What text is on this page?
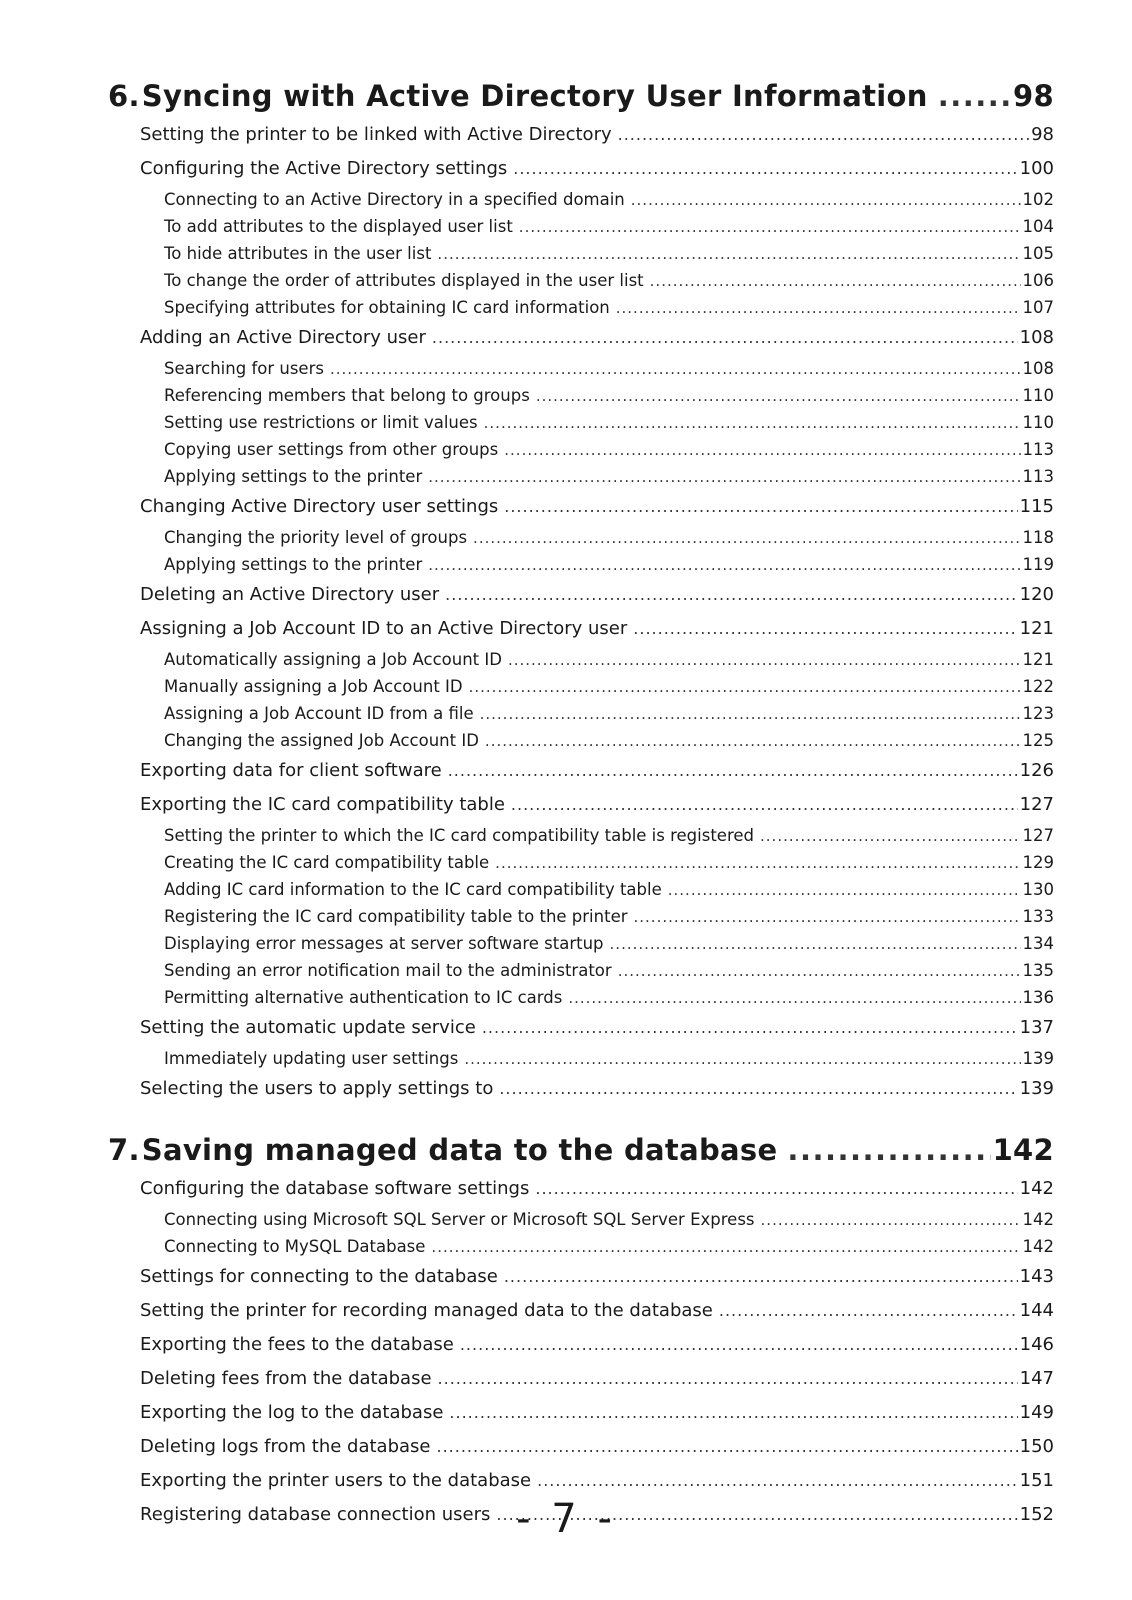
6. Syncing with Active Directory User Information .....	98
Setting the printer to be linked with Active Directory .....	98
Configuring the Active Directory settings .....	100
Connecting to an Active Directory in a specified domain .....	102
To add attributes to the displayed user list .....	104
To hide attributes in the user list .....	105
To change the order of attributes displayed in the user list .....	106
Specifying attributes for obtaining IC card information .....	107
Adding an Active Directory user .....	108
Searching for users .....	108
Referencing members that belong to groups .....	110
Setting use restrictions or limit values .....	110
Copying user settings from other groups .....	113
Applying settings to the printer .....	113
Changing Active Directory user settings .....	115
Changing the priority level of groups .....	118
Applying settings to the printer .....	119
Deleting an Active Directory user .....	120
Assigning a Job Account ID to an Active Directory user .....	121
Automatically assigning a Job Account ID .....	121
Manually assigning a Job Account ID .....	122
Assigning a Job Account ID from a file .....	123
Changing the assigned Job Account ID .....	125
Exporting data for client software .....	126
Exporting the IC card compatibility table .....	127
Setting the printer to which the IC card compatibility table is registered .....	127
Creating the IC card compatibility table .....	129
Adding IC card information to the IC card compatibility table .....	130
Registering the IC card compatibility table to the printer .....	133
Displaying error messages at server software startup .....	134
Sending an error notification mail to the administrator .....	135
Permitting alternative authentication to IC cards .....	136
Setting the automatic update service .....	137
Immediately updating user settings .....	139
Selecting the users to apply settings to .....	139
7. Saving managed data to the database .....	142
Configuring the database software settings .....	142
Connecting using Microsoft SQL Server or Microsoft SQL Server Express .....	142
Connecting to MySQL Database .....	142
Settings for connecting to the database .....	143
Setting the printer for recording managed data to the database .....	144
Exporting the fees to the database .....	146
Deleting fees from the database .....	147
Exporting the log to the database .....	149
Deleting logs from the database .....	150
Exporting the printer users to the database .....	151
Registering database connection users .....	152
- 7 -
